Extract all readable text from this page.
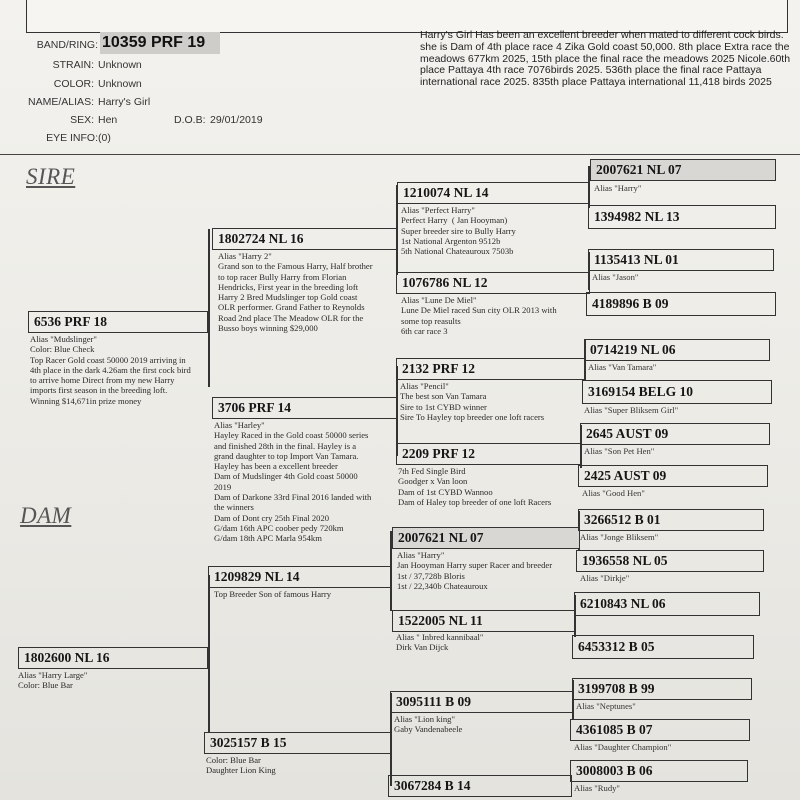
BAND/RING: 10359 PRF 19
STRAIN: Unknown
COLOR: Unknown
NAME/ALIAS: Harry's Girl
SEX: Hen	D.O.B: 29/01/2019
EYE INFO: (0)
Harry's Girl Has been an excellent breeder when mated to different cock birds. she is Dam of 4th place race 4 Zika Gold coast 50,000. 8th place Extra race the meadows 677km 2025, 15th place the final race the meadows 2025 Nicole.60th place Pattaya 4th race 7076birds 2025. 536th place the final race Pattaya international race 2025. 835th place Pattaya international 11,418 birds 2025
SIRE
DAM
6536 PRF 18
Alias "Mudslinger"
Color: Blue Check
Top Racer Gold coast 50000 2019 arriving in
4th place in the dark 4.26am the first cock bird
to arrive home Direct from my new Harry
imports first season in the breeding loft.
Winning $14,671in prize money
1802600 NL 16
Alias "Harry Large"
Color: Blue Bar
1802724 NL 16
Alias "Harry 2"
Grand son to the Famous Harry, Half brother
to top racer Bully Harry from Florian
Hendricks, First year in the breeding loft
Harry 2 Bred Mudslinger top Gold coast
OLR performer. Grand Father to Reynolds
Road 2nd place The Meadow OLR for the
Busso boys winning $29,000
3706 PRF 14
Alias "Harley"
Hayley Raced in the Gold coast 50000 series
and finished 28th in the final. Hayley is a
grand daughter to top Import Van Tamara.
Hayley has been a excellent breeder
Dam of Mudslinger 4th Gold coast 50000
2019
Dam of Darkone 33rd Final 2016 landed with
the winners
Dam of Dont cry 25th Final 2020
G/dam 16th APC coober pedy 720km
G/dam 18th APC Marla 954km
1209829 NL 14
Top Breeder Son of famous Harry
3025157 B 15
Color: Blue Bar
Daughter Lion King
1210074 NL 14
Alias "Perfect Harry"
Perfect Harry  ( Jan Hooyman)
Super breeder sire to Bully Harry
1st National Argenton 9512b
5th National Chateauroux 7503b
1076786 NL 12
Alias "Lune De Miel"
Lune De Miel raced Sun city OLR 2013 with
some top reasults
6th car race 3
2132 PRF 12
Alias "Pencil"
The best son Van Tamara
Sire to 1st CYBD winner
Sire To Hayley top breeder one loft racers
2209 PRF 12
7th Fed Single Bird
Goodger x Van loon
Dam of 1st CYBD Wannoo
Dam of Haley top breeder of one loft Racers
2007621 NL 07
Alias "Harry"
Jan Hooyman Harry super Racer and breeder
1st / 37,728b Bloris
1st / 22,340b Chateauroux
1522005 NL 11
Alias " Inbred kannibaal"
Dirk Van Dijck
3095111 B 09
Alias "Lion king"
Gaby Vandenabeele
3067284 B 14
2007621 NL 07
Alias "Harry"
1394982 NL 13
1135413 NL 01
Alias "Jason"
4189896 B 09
0714219 NL 06
Alias "Van Tamara"
3169154 BELG 10
Alias "Super Bliksem Girl"
2645 AUST 09
Alias "Son Pet Hen"
2425 AUST 09
Alias "Good Hen"
3266512 B 01
Alias "Jonge Bliksem"
1936558 NL 05
Alias "Dirkje"
6210843 NL 06
6453312 B 05
3199708 B 99
Alias "Neptunes"
4361085 B 07
Alias "Daughter Champion"
3008003 B 06
Alias "Rudy"
